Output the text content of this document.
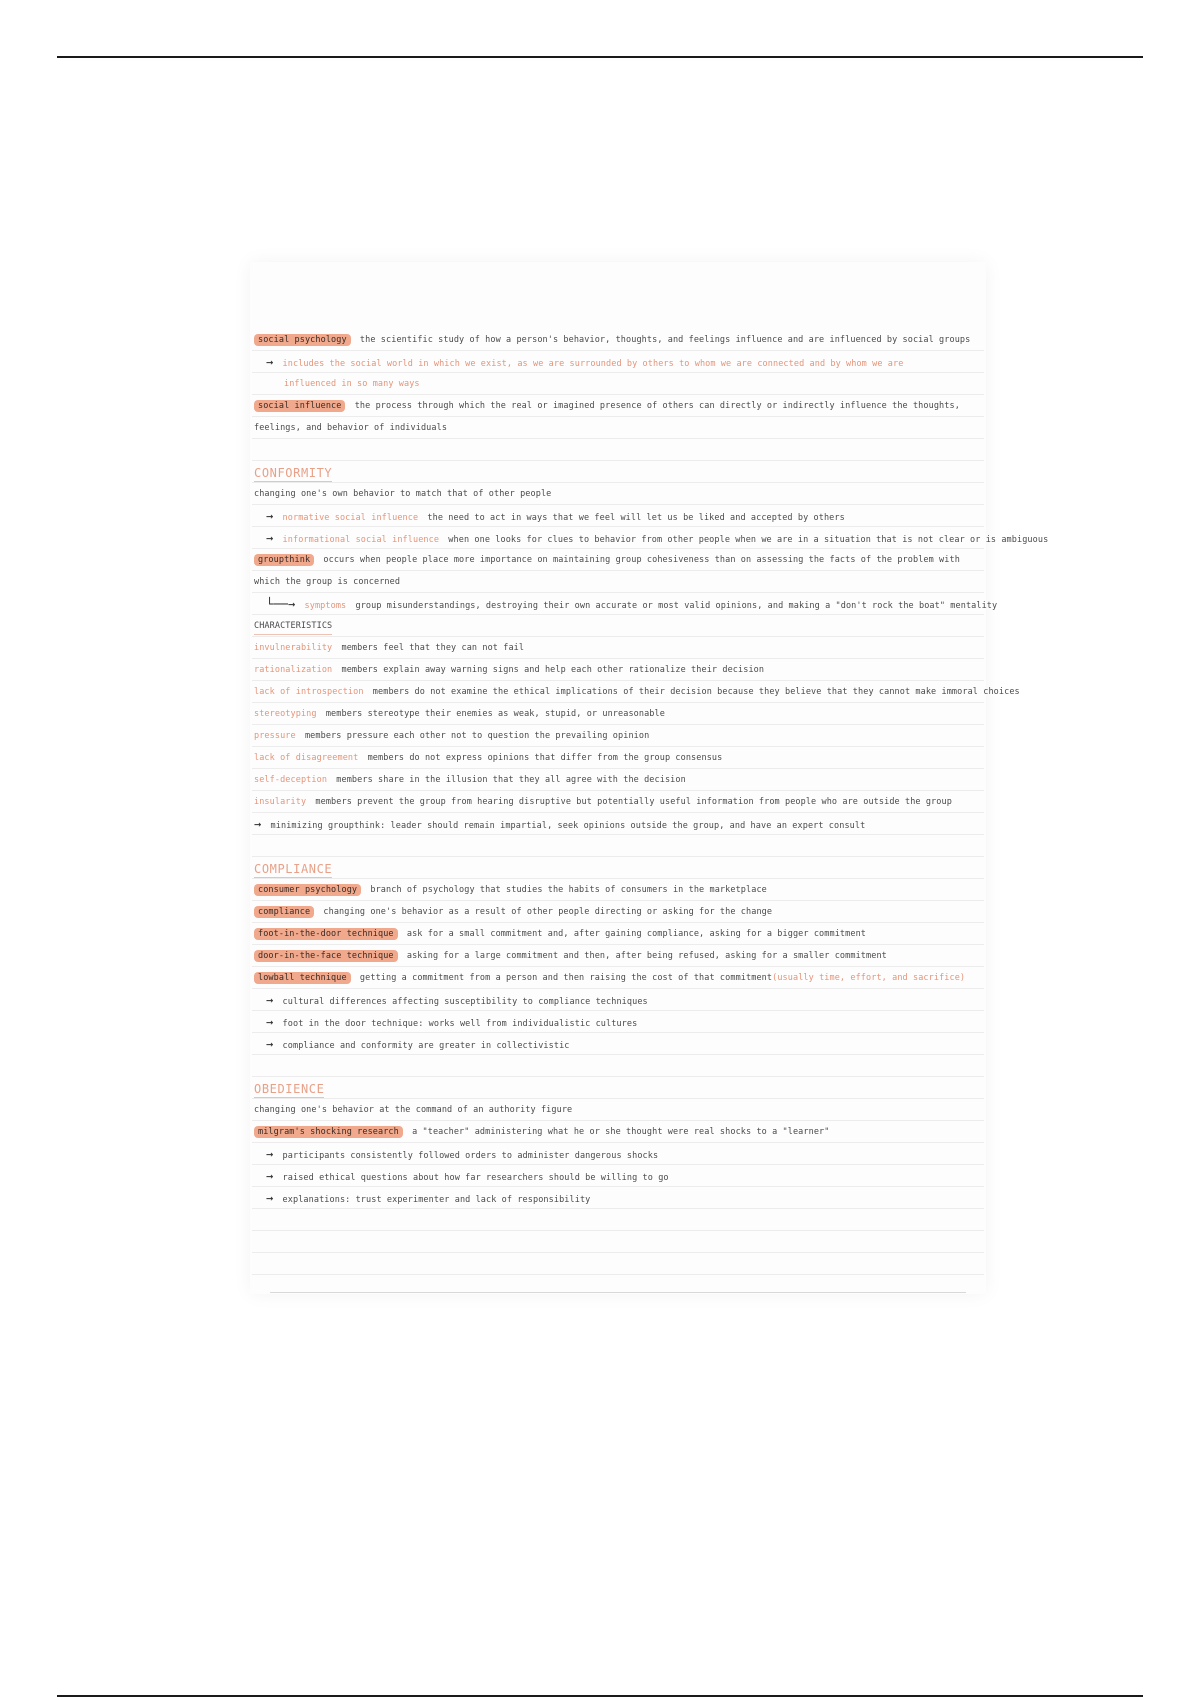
social psychology the scientific study of how a person's behavior, thoughts, and feelings influence and are influenced by social groups
→ includes the social world in which we exist, as we are surrounded by others to whom we are connected and by whom we are
influenced in so many ways
social influence the process through which the real or imagined presence of others can directly or indirectly influence the thoughts,
feelings, and behavior of individuals
CONFORMITY
changing one's own behavior to match that of other people
→ normative social influence the need to act in ways that we feel will let us be liked and accepted by others
→ informational social influence when one looks for clues to behavior from other people when we are in a situation that is not clear or is ambiguous
groupthink occurs when people place more importance on maintaining group cohesiveness than on assessing the facts of the problem with
which the group is concerned
└──→ symptoms group misunderstandings, destroying their own accurate or most valid opinions, and making a "don't rock the boat" mentality
CHARACTERISTICS
invulnerability members feel that they can not fail
rationalization members explain away warning signs and help each other rationalize their decision
lack of introspection members do not examine the ethical implications of their decision because they believe that they cannot make immoral choices
stereotyping members stereotype their enemies as weak, stupid, or unreasonable
pressure members pressure each other not to question the prevailing opinion
lack of disagreement members do not express opinions that differ from the group consensus
self-deception members share in the illusion that they all agree with the decision
insularity members prevent the group from hearing disruptive but potentially useful information from people who are outside the group
→ minimizing groupthink: leader should remain impartial, seek opinions outside the group, and have an expert consult
COMPLIANCE
consumer psychology branch of psychology that studies the habits of consumers in the marketplace
compliance changing one's behavior as a result of other people directing or asking for the change
foot-in-the-door technique ask for a small commitment and, after gaining compliance, asking for a bigger commitment
door-in-the-face technique asking for a large commitment and then, after being refused, asking for a smaller commitment
lowball technique getting a commitment from a person and then raising the cost of that commitment(usually time, effort, and sacrifice)
→ cultural differences affecting susceptibility to compliance techniques
→ foot in the door technique: works well from individualistic cultures
→ compliance and conformity are greater in collectivistic
OBEDIENCE
changing one's behavior at the command of an authority figure
milgram's shocking research a "teacher" administering what he or she thought were real shocks to a "learner"
→ participants consistently followed orders to administer dangerous shocks
→ raised ethical questions about how far researchers should be willing to go
→ explanations: trust experimenter and lack of responsibility
